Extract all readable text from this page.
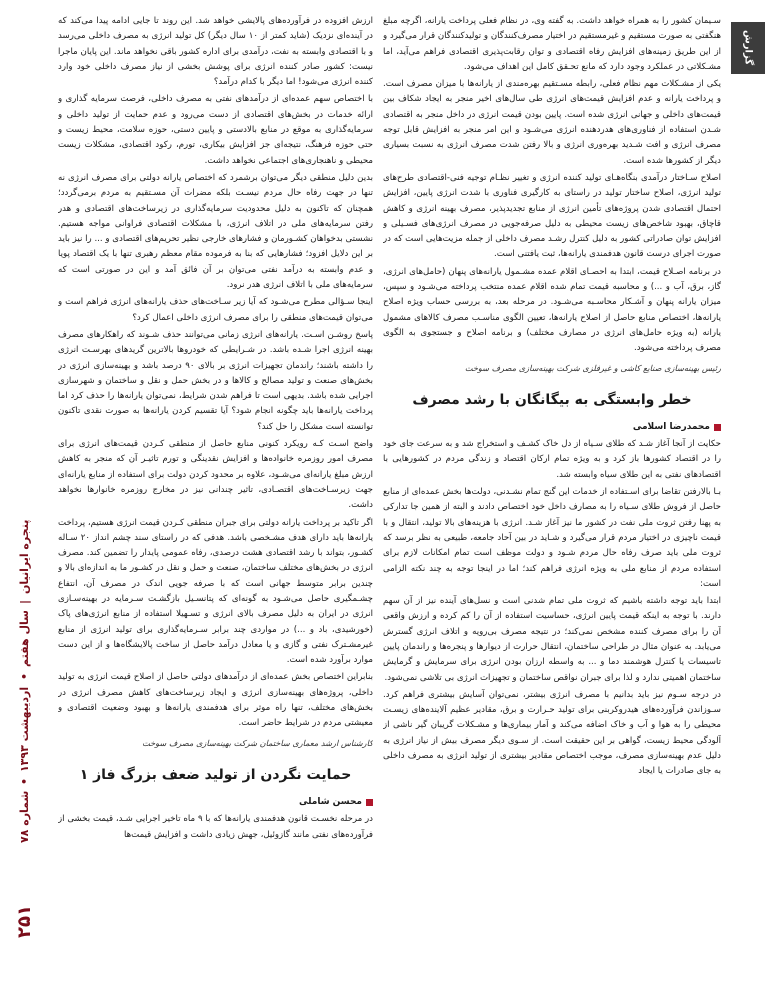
گزارش
پنجره ایرانیان
|
سال هفتم
•
اردیبهشت ۱۳۹۳
•
شماره ۷۸
۲۵۱

سـیمان کشور را به همراه خواهد داشت. به گفته وی، در نظام فعلی پرداخت یارانه، اگرچه مبلغ هنگفتی به صورت مستقیم و غیرمستقیم در اختیار مصرف‌کنندگان و تولیدکنندگان قرار می‌گیرد و از این طریق زمینه‌های افزایش رفاه اقتصادی و توان رقابت‌پذیری اقتصادی فراهم می‌آید، اما مشـکلاتی در عملکرد وجود دارد که مانع تحـقق کامل این اهداف می‌شود.

یکی از مشـکلات مهم نظام فعلی، رابطه مسـتقیم بهره‌مندی از یارانه‌ها با میزان مصرف است. و پرداخت یارانه و عدم افزایش قیمت‌های انرژی طی سال‌های اخیر منجر به ایجاد شکاف بین قیمت‌های داخلی و جهانی انرژی شده است. پایین بودن قیمت انرژی در داخل منجر به اقتصادی شـدن استفاده از فناوری‌های هدردهنده انرژی می‌شـود و این امر منجر به افزایش قابل توجه مصرف انرژی و افت شـدید بهره‌وری انرژی و بالا رفتن شدت مصرف انرژی به نسبت بسیاری دیگر از کشورها شده است.

اصلاح سـاختار درآمدی بنگاه‌هـای تولید کننده انرژی و تغییر نظـام توجیه فنی-اقتصادی طرح‌های تولید انرژی، اصلاح ساختار تولید در راستای به کارگیری فناوری با شدت انرژی پایین، افزایش احتمال اقتصادی شدن پروژه‌های تأمین انرژی از منابع تجدیدپذیر، مصرف بهینه انرژی و کاهش قاچاق، بهبود شاخص‌های زیست محیطی به دلیل صرفه‌جویی در مصرف انرژی‌های فسـیلی و افزایش توان صادراتی کشور به دلیل کنترل رشـد مصرف داخلی از جمله مزیت‌هایی است که در صورت اجرای درست قانون هدفمندی یارانه‌ها، ثبت یافتنی است.

در برنامه اصـلاح قیمت، ابتدا به احصـای اقلام عمده مشـمول یارانه‌های پنهان (حامل‌های انرژی، گاز، برق، آب و ...) و محاسبه قیمت تمام شده اقلام عمده منتخب پرداخته می‌شـود و سپس، میزان یارانه پنهان و آشـکار محاسـبه می‌شـود. در مرحله بعد، به بررسی حساب ویژه اصلاح یارانه‌ها، اختصاص منابع حاصل از اصلاح یارانه‌ها، تعیین الگوی مناسـب مصرف کالاهای مشمول یارانه (به ویژه حامل‌های انرژی در مصارف مختلف) و برنامه اصلاح و جستجوی به الگوی مصرف پرداخته می‌شود.

رئیس بهینه‌سازی صنایع کاشی و غیرفلزی شرکت بهینه‌سازی مصرف سوخت
خطر وابستگی به بیگانگان با رشد مصرف
محمدرضا اسلامی

حکایت از آنجا آغاز شـد که طلای سـیاه از دل خاک کشـف و استخراج شد و به سرعت جای خود را در اقتصاد کشورها باز کرد و به ویژه تمام ارکان اقتصاد و زندگی مردم در کشورهایی با اقتصادهای نفتی به این طلای سیاه وابسته شد.

بـا بالارفتن تقاضا برای اسـتفاده از خدمات این گنج تمام نشـدنی، دولت‌ها بخش عمده‌ای از منابع حاصل از فروش طلای سـیاه را به مصارف داخل خود اختصاص دادند و البته از همین جا تدارکی به پهنا رفتن ثروت ملی نفت در کشور ما نیز آغاز شـد. انرژی با هزینه‌های بالا تولید، انتقال و با قیمت ناچیزی در اختیار مردم قرار می‌گیرد و شـاید در بین آحاد جامعه، طبیعی به نظر برسد که ثروت ملی باید صرف رفاه حال مردم شـود و دولت موظف است تمام امکانات لازم برای استفاده مردم از منابع ملی به ویژه انرژی فراهم کند؛ اما در اینجا توجه به چند نکته الزامی است:

ابتدا باید توجه داشته باشیم که ثروت ملی تمام شدنی است و نسل‌های آینده نیز از آن سهم دارند. با توجه به اینکه قیمت پایین انرژی، حساسیت استفاده از آن را کم کرده و ارزش واقعی آن را برای مصرف کننده مشخص نمی‌کند؛ در نتیجه مصرف بی‌رویه و اتلاف انرژی گسترش می‌یابد. به عنوان مثال در طراحی ساختمان، انتقال حرارت از دیوارها و پنجره‌ها و راندمان پایین تاسیسات یا کنترل هوشمند دما و ... به واسطه ارزان بودن انرژی برای سرمایش و گرمایش ساختمان اهمیتی ندارد و لذا برای جبران نواقص ساختمان و تجهیزات انرژی بی‌ تلاشی نمی‌شود.

در درجه سـوم نیز باید بدانیم با مصرف انرژی بیشتر، نمی‌توان آسایش بیشتری فراهم کرد. سـوزاندن فرآورده‌های هیدروکربنی برای تولید حـرارت و برق، مقادیر عظیم آلاینده‌های زیسـت محیطی را به هوا و آب و خاک اضافه می‌کند و آمار بیماری‌ها و مشـکلات گریبان گیر ناشی از آلودگی محیط زیست، گواهی بر این حقیقت است. از سـوی دیگر مصرف بیش از نیاز انرژی به دلیل عدم بهینه‌سازی مصرف، موجب اختصاص مقادیر بیشتری از تولید انرژی به مصرف داخلی به جای صادرات یا ایجاد

ارزش افزوده در فرآورده‌های پالایشی خواهد شد. این روند تا جایی ادامه پیدا می‌کند که در آینده‌ای نزدیک (شاید کمتر از ۱۰ سال دیگر) کل تولید انرژی به مصرف داخلی می‌رسد و با اقتصادی وابسته به نفت، درآمدی برای اداره کشور باقی نخواهد ماند. این پایان ماجرا نیست: کشور صادر کننده انرژی برای پوشش بخشی از نیاز مصرف داخلی خود وارد کننده انرژی می‌شود! اما دیگر با کدام درآمد؟

با اختصاص سهم عمده‌ای از درآمدهای نفتی به مصرف داخلی، فرصت سرمایه گذاری و ارائه خدمات در بخش‌های اقتصادی از دست می‌رود و عدم حمایت از تولید داخلی و سرمایه‌گذاری به موقع در منابع بالادستی و پایین دستی، حوزه سلامت، محیط زیست و حتی حوزه فرهنگ، نتیجه‌ای جز افزایش بیکاری، تورم، رکود اقتصادی، مشکلات زیست محیطی و ناهنجاری‌های اجتماعی نخواهد داشت.

بدین دلیل منطقی دیگر می‌توان برشمرد که اختصاص یارانه دولتی برای مصرف انرژی نه تنها در جهت رفاه حال مردم نیسـت بلکه مضرات آن مسـتقیم به مردم برمی‌گردد؛ همچنان که تاکنون به دلیل محدودیت سرمایه‌گذاری در زیرساخت‌های اقتصادی و هدر رفتن سرمایه‌های ملی در اتلاف انرژی، با مشکلات اقتصادی فراوانی مواجه هستیم. نشستی بدخواهان کشـورمان و فشارهای خارجی نظیر تحریم‌های اقتصادی و ... را نیز باید بر این دلایل افزود؛ فشارهایی که بنا به فرموده مقام معظم رهبری تنها با یک اقتصاد پویا و عدم وابسته به درآمد نفتی می‌توان بر آن فائق آمد و این در صورتی است که سرمایه‌های ملی با اتلاف انرژی هدر نرود.

اینجا سـؤالی مطرح می‌شـود که آیا زیر سـاخت‌های حذف یارانه‌های انرژی فراهم است و می‌توان قیمت‌های منطقی را برای مصرف انرژی داخلی اعمال کرد؟

پاسخ روشـن اسـت. یارانه‌های انرژی زمانی می‌توانند حذف شـوند که راهکارهای مصرف بهینه انرژی اجرا شـده باشد. در شـرایطی که خودروها بالاترین گریدهای بهرسـت انرژی را داشته باشند؛ راندمان تجهیزات انرژی بر بالای ۹۰ درصد باشد و بهینه‌سازی انرژی در بخش‌های صنعت و تولید مصالح و کالاها و در بخش حمل و نقل و ساختمان و شهرسازی اجرایی شده باشد. بدیهی است تا فراهم شدن شرایط، نمی‌توان یارانه‌ها را حذف کرد اما پرداخت یارانه‌ها باید چگونه انجام شود؟ آیا تقسیم کردن یارانه‌ها به صورت نقدی تاکنون توانسته است مشکل را حل کند؟

واضح اسـت کـه رویکرد کنونی منابع حاصل از منطقی کـردن قیمت‌های انرژی برای مصرف امور روزمره خانواده‌ها و افزایش نقدینگی و تورم تاثیـر آن که منجر به کاهش ارزش مبلغ یارانه‌ای می‌شـود، علاوه بر محدود کردن دولت برای استفاده از منابع یارانه‌ای جهت زیرسـاخت‌های اقتصـادی، تاثیر چندانی نیز در مخارج روزمره خانوارها نخواهد داشت.

اگر تاکید بر پرداخت یارانه دولتی برای جبران منطقی کـردن قیمت انرژی هستیم، پرداخت یارانه‌ها باید دارای هدف مشـخصی باشد. هدفی که در راستای سند چشم انداز ۲۰ سـاله کشـور، بتواند با رشد اقتصادی هشت درصدی، رفاه عمومی پایدار را تضمین کند. مصرف انرژی در بخش‌های مختلف ساختمان، صنعت و حمل و نقل در کشـور ما به اندازه‌ای بالا و چندین برابر متوسط جهانی است که با صرفه جویی اندک در مصرف آن، انتفاع چشـمگیری حاصل می‌شـود به گونه‌ای که پتانسـیل بازگشـت سـرمایه در بهینه‌سـازی انرژی در ایران به دلیل مصرف بالای انرژی و تسـهیلا استفاده از منابع انرژی‌های پاک (خورشیدی، باد و ...) در مواردی چند برابر سـرمایه‌گذاری برای تولید انرژی از منابع غیرمشـترک نفتی و گازی و یا معادل درآمد حاصل از ساخت پالایشگاه‌ها و از این دست موارد برآورد شده است.

بنابراین اختصاص بخش عمده‌ای از درآمدهای دولتی حاصل از اصلاح قیمت انرژی به تولید داخلی، پروژه‌های بهینه‌سازی انرژی و ایجاد زیرساخت‌های کاهش مصرف انرژی در بخش‌های مختلف، تنها راه موثر برای هدفمندی یارانه‌ها و بهبود وضعیت اقتصادی و معیشتی مردم در شرایط حاضر است.

کارشناس ارشد معماری ساختمان شرکت بهینه‌سازی مصرف سوخت
حمایت نگردن از تولید ضعف بزرگ فاز ۱
محسن شاملی

در مرحله نخسـت قانون هدفمندی یارانه‌ها که با ۹ ماه تاخیر اجرایی شـد، قیمت بخشی از فرآورده‌های نفتی مانند گازوئیل، جهش زیادی داشت و افزایش قیمت‌ها
